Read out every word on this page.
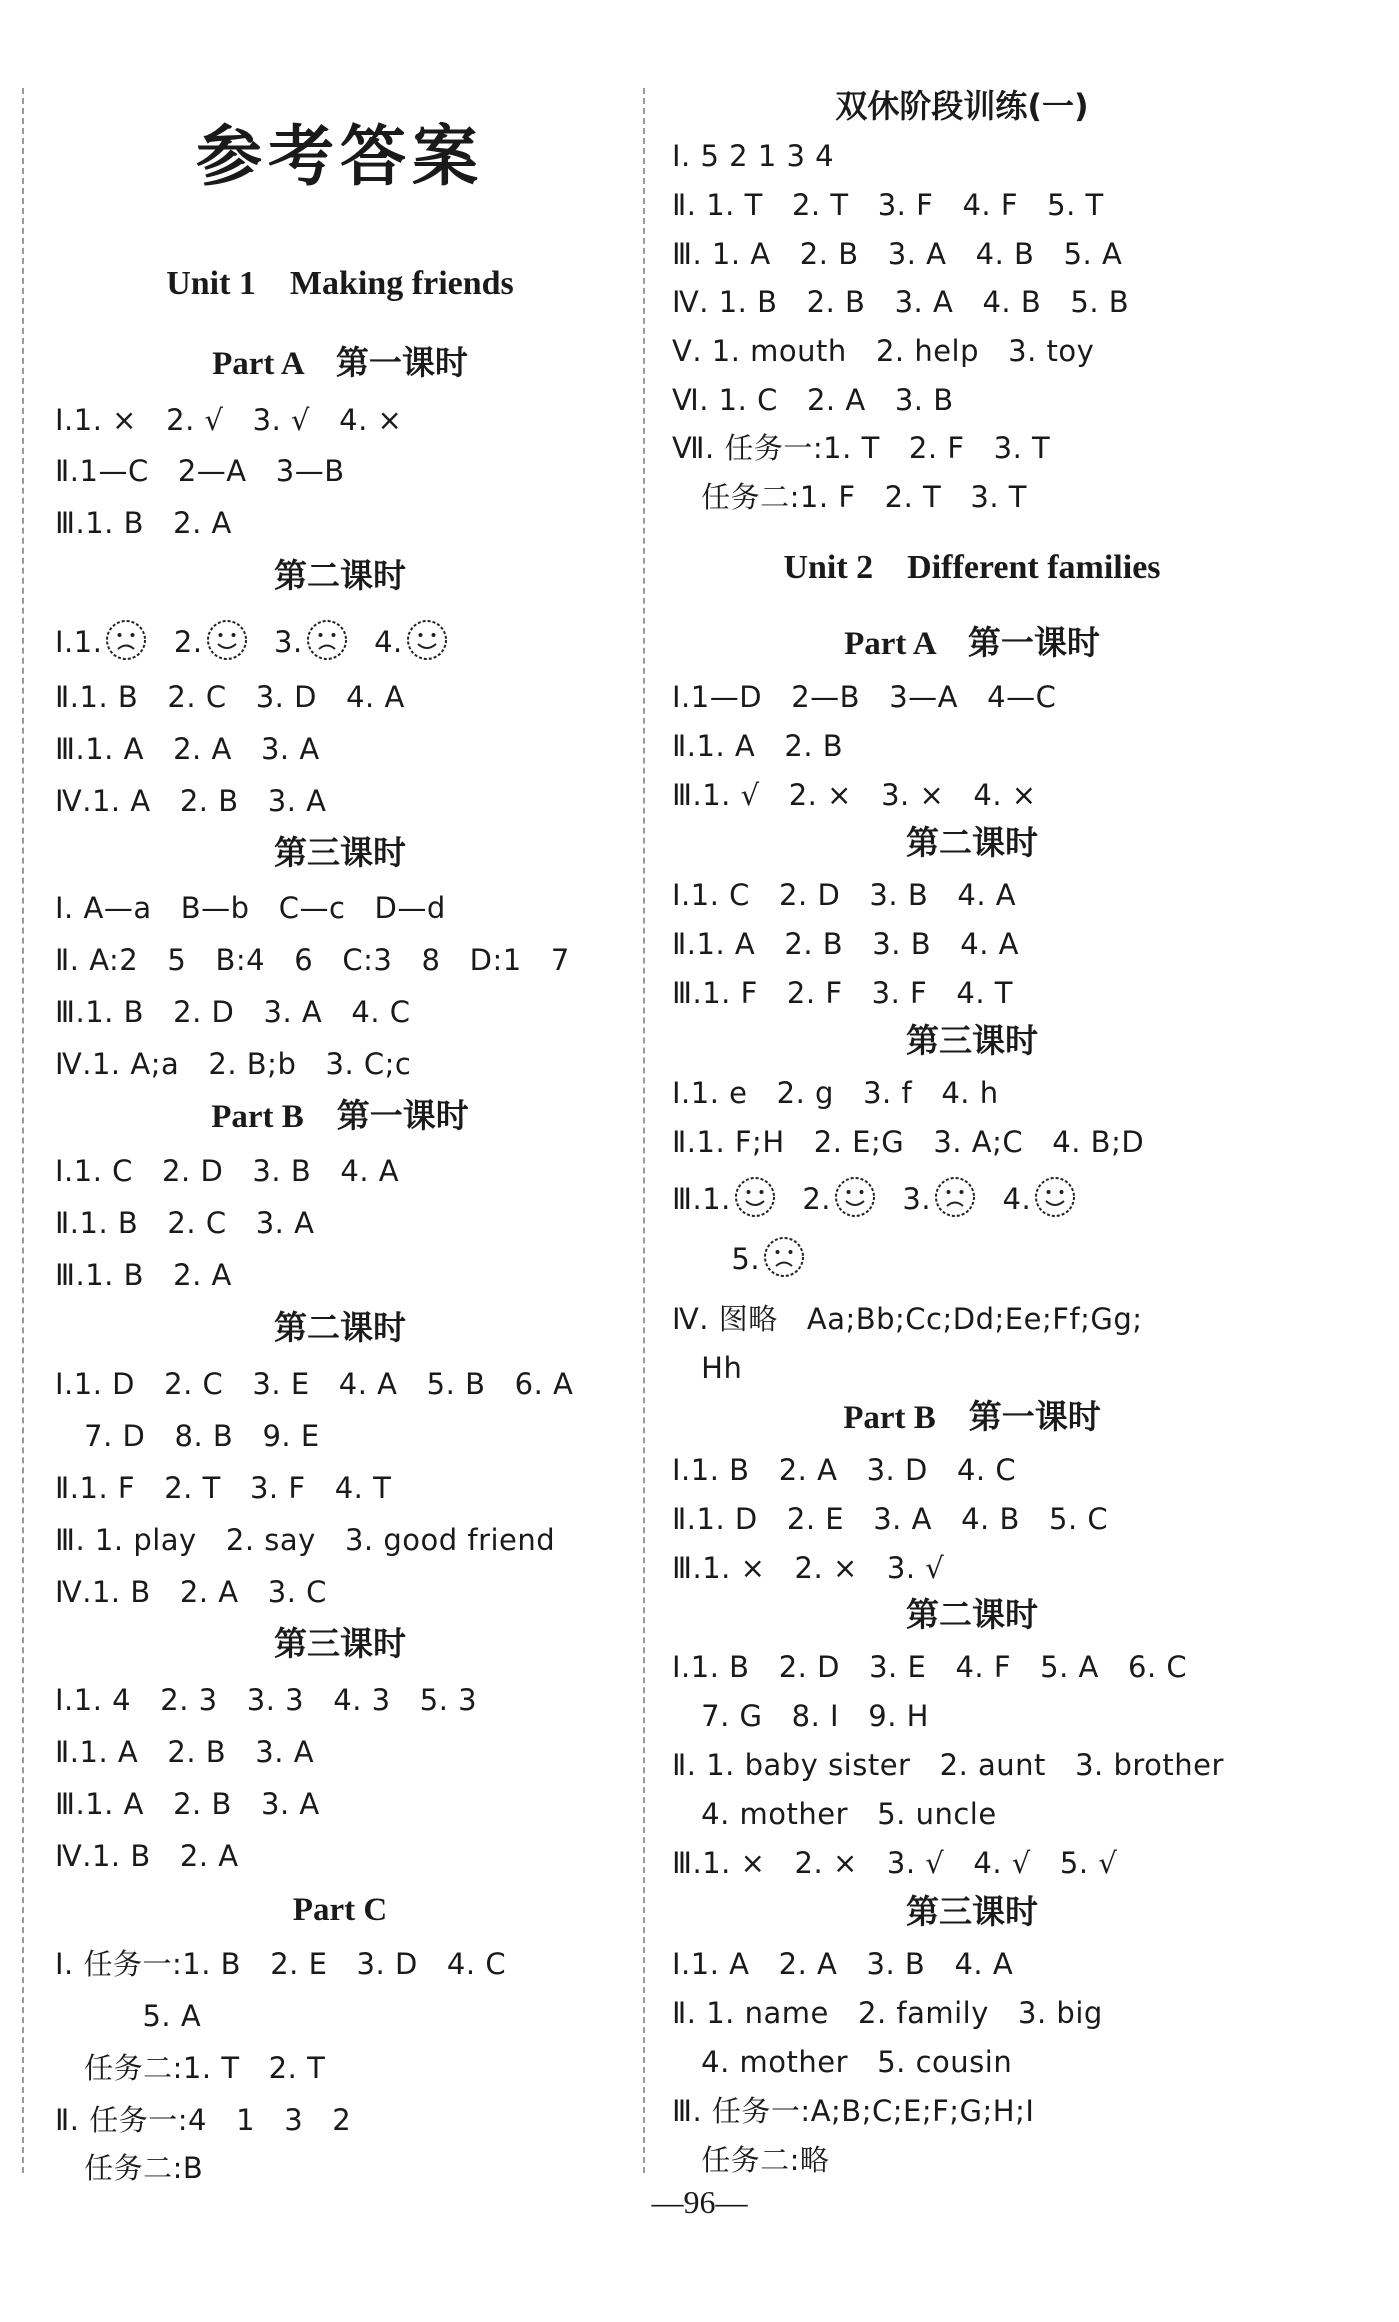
参考答案
Unit 1    Making friends
Part A    第一课时
Ⅰ.1. ×   2. √   3. √   4. ×
Ⅱ.1—C   2—A   3—B
Ⅲ.1. B   2. A
第二课时
Ⅰ.1.  2.  3.  4.
Ⅱ.1. B   2. C   3. D   4. A
Ⅲ.1. A   2. A   3. A
Ⅳ.1. A   2. B   3. A
第三课时
Ⅰ. A—a   B—b   C—c   D—d
Ⅱ. A:2   5   B:4   6   C:3   8   D:1   7
Ⅲ.1. B   2. D   3. A   4. C
Ⅳ.1. A;a   2. B;b   3. C;c
Part B    第一课时
Ⅰ.1. C   2. D   3. B   4. A
Ⅱ.1. B   2. C   3. A
Ⅲ.1. B   2. A
第二课时
Ⅰ.1. D   2. C   3. E   4. A   5. B   6. A
7. D   8. B   9. E
Ⅱ.1. F   2. T   3. F   4. T
Ⅲ. 1. play   2. say   3. good friend
Ⅳ.1. B   2. A   3. C
第三课时
Ⅰ.1. 4   2. 3   3. 3   4. 3   5. 3
Ⅱ.1. A   2. B   3. A
Ⅲ.1. A   2. B   3. A
Ⅳ.1. B   2. A
Part C
Ⅰ. 任务一:1. B   2. E   3. D   4. C
5. A
任务二:1. T   2. T
Ⅱ. 任务一:4   1   3   2
任务二:B
双休阶段训练(一)
Ⅰ. 5 2 1 3 4
Ⅱ. 1. T   2. T   3. F   4. F   5. T
Ⅲ. 1. A   2. B   3. A   4. B   5. A
Ⅳ. 1. B   2. B   3. A   4. B   5. B
Ⅴ. 1. mouth   2. help   3. toy
Ⅵ. 1. C   2. A   3. B
Ⅶ. 任务一:1. T   2. F   3. T
任务二:1. F   2. T   3. T
Unit 2    Different families
Part A    第一课时
Ⅰ.1—D   2—B   3—A   4—C
Ⅱ.1. A   2. B
Ⅲ.1. √   2. ×   3. ×   4. ×
第二课时
Ⅰ.1. C   2. D   3. B   4. A
Ⅱ.1. A   2. B   3. B   4. A
Ⅲ.1. F   2. F   3. F   4. T
第三课时
Ⅰ.1. e   2. g   3. f   4. h
Ⅱ.1. F;H   2. E;G   3. A;C   4. B;D
Ⅲ.1.  2.  3.  4.
5.
Ⅳ. 图略   Aa;Bb;Cc;Dd;Ee;Ff;Gg;
Hh
Part B    第一课时
Ⅰ.1. B   2. A   3. D   4. C
Ⅱ.1. D   2. E   3. A   4. B   5. C
Ⅲ.1. ×   2. ×   3. √
第二课时
Ⅰ.1. B   2. D   3. E   4. F   5. A   6. C
7. G   8. I   9. H
Ⅱ. 1. baby sister   2. aunt   3. brother
4. mother   5. uncle
Ⅲ.1. ×   2. ×   3. √   4. √   5. √
第三课时
Ⅰ.1. A   2. A   3. B   4. A
Ⅱ. 1. name   2. family   3. big
4. mother   5. cousin
Ⅲ. 任务一:A;B;C;E;F;G;H;I
任务二:略
—96—
